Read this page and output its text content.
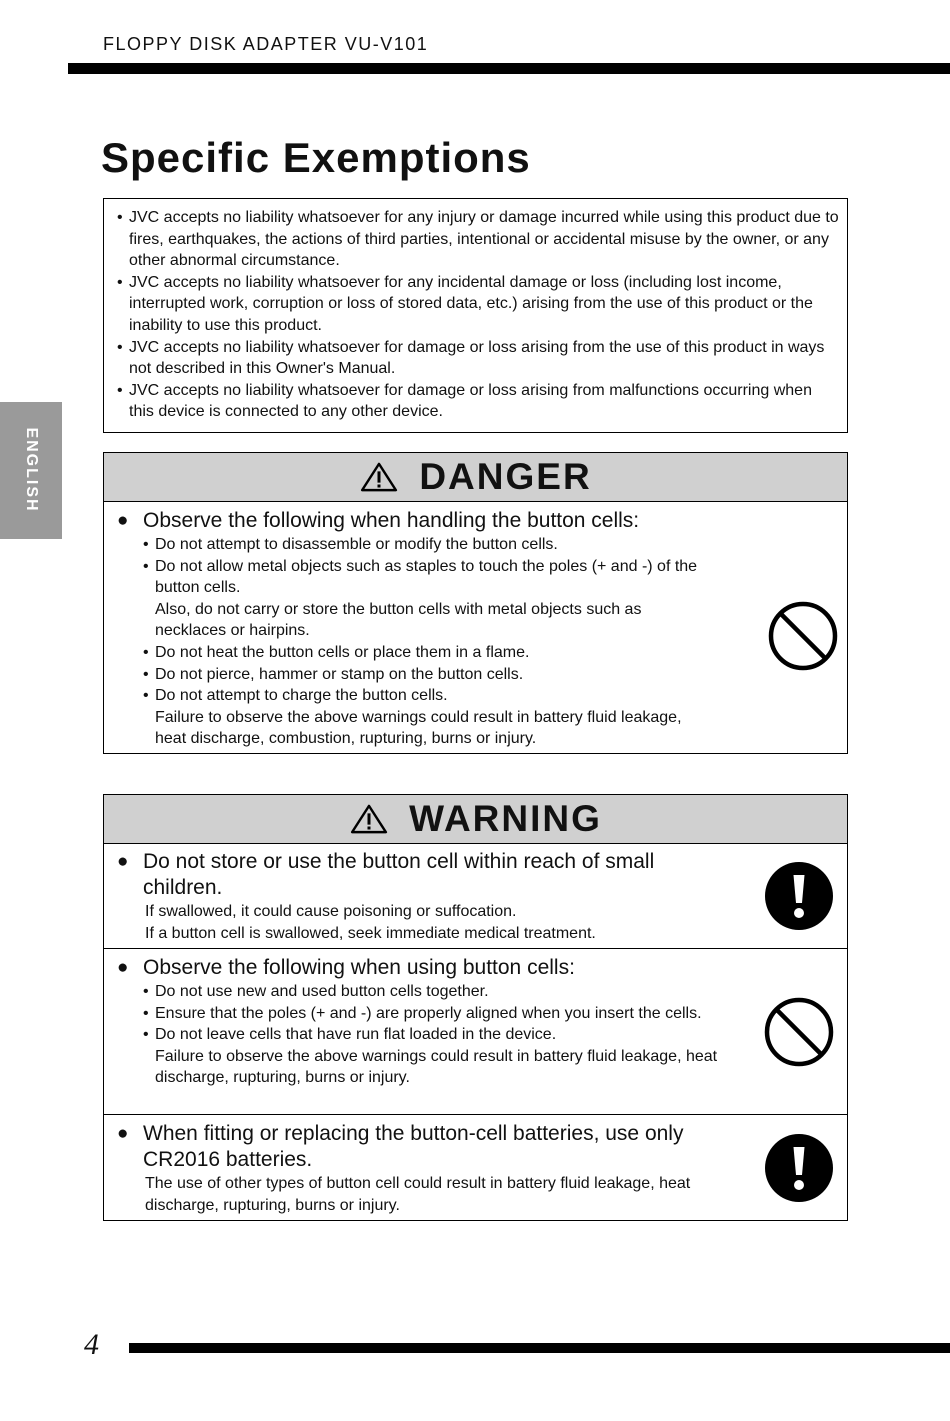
FLOPPY DISK ADAPTER VU-V101
Specific Exemptions
ENGLISH
• JVC accepts no liability whatsoever for any injury or damage incurred while using this product due to fires, earthquakes, the actions of third parties, intentional or accidental misuse by the owner, or any other abnormal circumstance.
• JVC accepts no liability whatsoever for any incidental damage or loss (including lost income, interrupted work, corruption or loss of stored data, etc.) arising from the use of this product or the inability to use this product.
• JVC accepts no liability whatsoever for damage or loss arising from the use of this product in ways not described in this Owner's Manual.
• JVC accepts no liability whatsoever for damage or loss arising from malfunctions occurring when this device is connected to any other device.
DANGER
● Observe the following when handling the button cells:
• Do not attempt to disassemble or modify the button cells.
• Do not allow metal objects such as staples to touch the poles (+ and -) of the button cells.
Also, do not carry or store the button cells with metal objects such as necklaces or hairpins.
• Do not heat the button cells or place them in a flame.
• Do not pierce, hammer or stamp on the button cells.
• Do not attempt to charge the button cells.
Failure to observe the above warnings could result in battery fluid leakage, heat discharge, combustion, rupturing, burns or injury.
WARNING
● Do not store or use the button cell within reach of small children.
If swallowed, it could cause poisoning or suffocation.
If a button cell is swallowed, seek immediate medical treatment.
● Observe the following when using button cells:
• Do not use new and used button cells together.
• Ensure that the poles (+ and -) are properly aligned when you insert the cells.
• Do not leave cells that have run flat loaded in the device.
Failure to observe the above warnings could result in battery fluid leakage, heat discharge, rupturing, burns or injury.
● When fitting or replacing the button-cell batteries, use only CR2016 batteries.
The use of other types of button cell could result in battery fluid leakage, heat discharge, rupturing, burns or injury.
4
